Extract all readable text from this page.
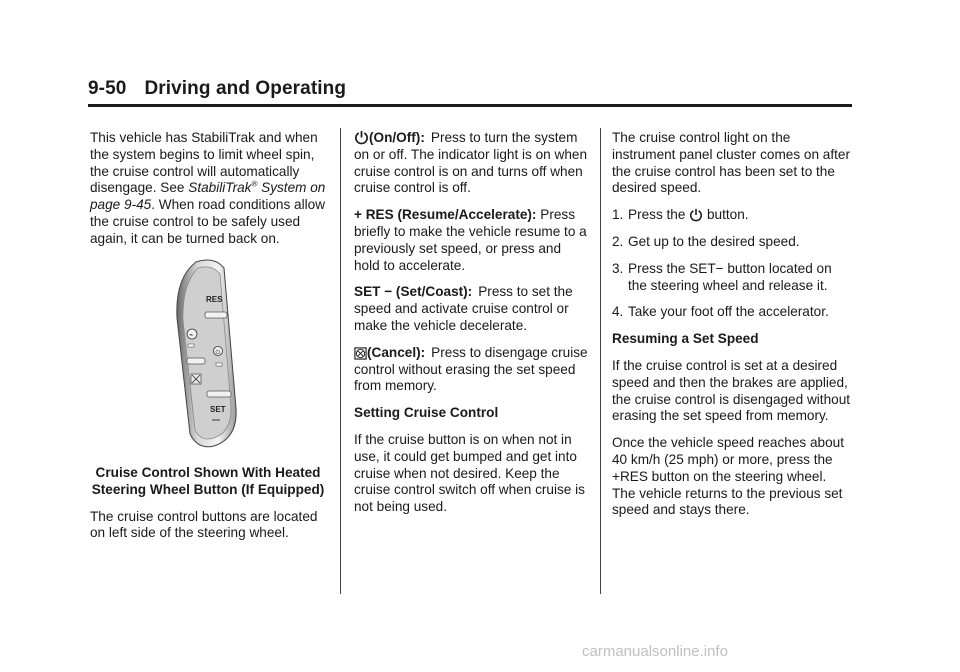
9-50 Driving and Operating

This vehicle has StabiliTrak and when the system begins to limit wheel spin, the cruise control will automatically disengage. See StabiliTrak® System on page 9-45. When road conditions allow the cruise control to be safely used again, it can be turned back on.

RES
⌁
⏻
SET

Cruise Control Shown With Heated Steering Wheel Button (If Equipped)

The cruise control buttons are located on left side of the steering wheel.

(On/Off): Press to turn the system on or off. The indicator light is on when cruise control is on and turns off when cruise control is off.

+ RES (Resume/Accelerate): Press briefly to make the vehicle resume to a previously set speed, or press and hold to accelerate.

SET − (Set/Coast): Press to set the speed and activate cruise control or make the vehicle decelerate.

(Cancel): Press to disengage cruise control without erasing the set speed from memory.

Setting Cruise Control

If the cruise button is on when not in use, it could get bumped and get into cruise when not desired. Keep the cruise control switch off when cruise is not being used.

The cruise control light on the instrument panel cluster comes on after the cruise control has been set to the desired speed.

1. Press the  button.
2. Get up to the desired speed.
3. Press the SET− button located on the steering wheel and release it.
4. Take your foot off the accelerator.

Resuming a Set Speed

If the cruise control is set at a desired speed and then the brakes are applied, the cruise control is disengaged without erasing the set speed from memory.

Once the vehicle speed reaches about 40 km/h (25 mph) or more, press the +RES button on the steering wheel. The vehicle returns to the previous set speed and stays there.

carmanualsonline.info
